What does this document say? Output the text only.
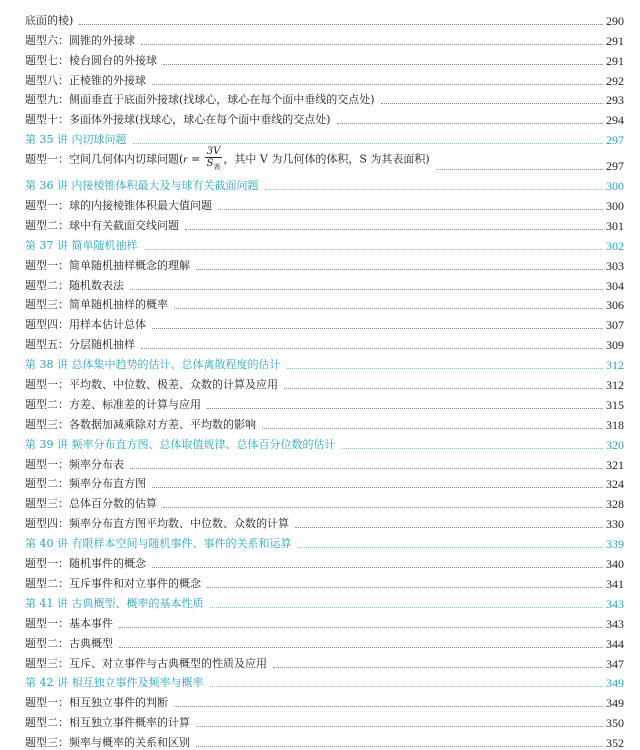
底面的棱)	290
题型六：圆锥的外接球	291
题型七：棱台圆台的外接球	291
题型八：正棱锥的外接球	292
题型九：侧面垂直于底面外接球(找球心，球心在每个面中垂线的交点处)	293
题型十：多面体外接球(找球心，球心在每个面中垂线的交点处)	294
第 35 讲 内切球问题	297
题型一：空间几何体内切球问题($r = \frac{3V}{S_表}$ ，其中 V 为几何体的体积，S 为其表面积)	297
第 36 讲 内接棱锥体积最大及与球有关截面问题	300
题型一：球的内接棱锥体积最大值问题	300
题型二：球中有关截面交线问题	301
第 37 讲 简单随机抽样	302
题型一：简单随机抽样概念的理解	303
题型二：随机数表法	304
题型三：简单随机抽样的概率	306
题型四：用样本估计总体	307
题型五：分层随机抽样	309
第 38 讲 总体集中趋势的估计、总体离散程度的估计	312
题型一：平均数、中位数、极差、众数的计算及应用	312
题型二：方差、标准差的计算与应用	315
题型三：各数据加减乘除对方差、平均数的影响	318
第 39 讲 频率分布直方图、总体取值规律、总体百分位数的估计	320
题型一：频率分布表	321
题型二：频率分布直方图	324
题型三：总体百分数的估算	328
题型四：频率分布直方图平均数、中位数、众数的计算	330
第 40 讲 有限样本空间与随机事件、事件的关系和运算	339
题型一：随机事件的概念	340
题型二：互斥事件和对立事件的概念	341
第 41 讲 古典概型、概率的基本性质	343
题型一：基本事件	343
题型二：古典概型	344
题型三：互斥、对立事件与古典概型的性质及应用	347
第 42 讲 相互独立事件及频率与概率	349
题型一：相互独立事件的判断	349
题型二：相互独立事件概率的计算	350
题型三：频率与概率的关系和区别	352
